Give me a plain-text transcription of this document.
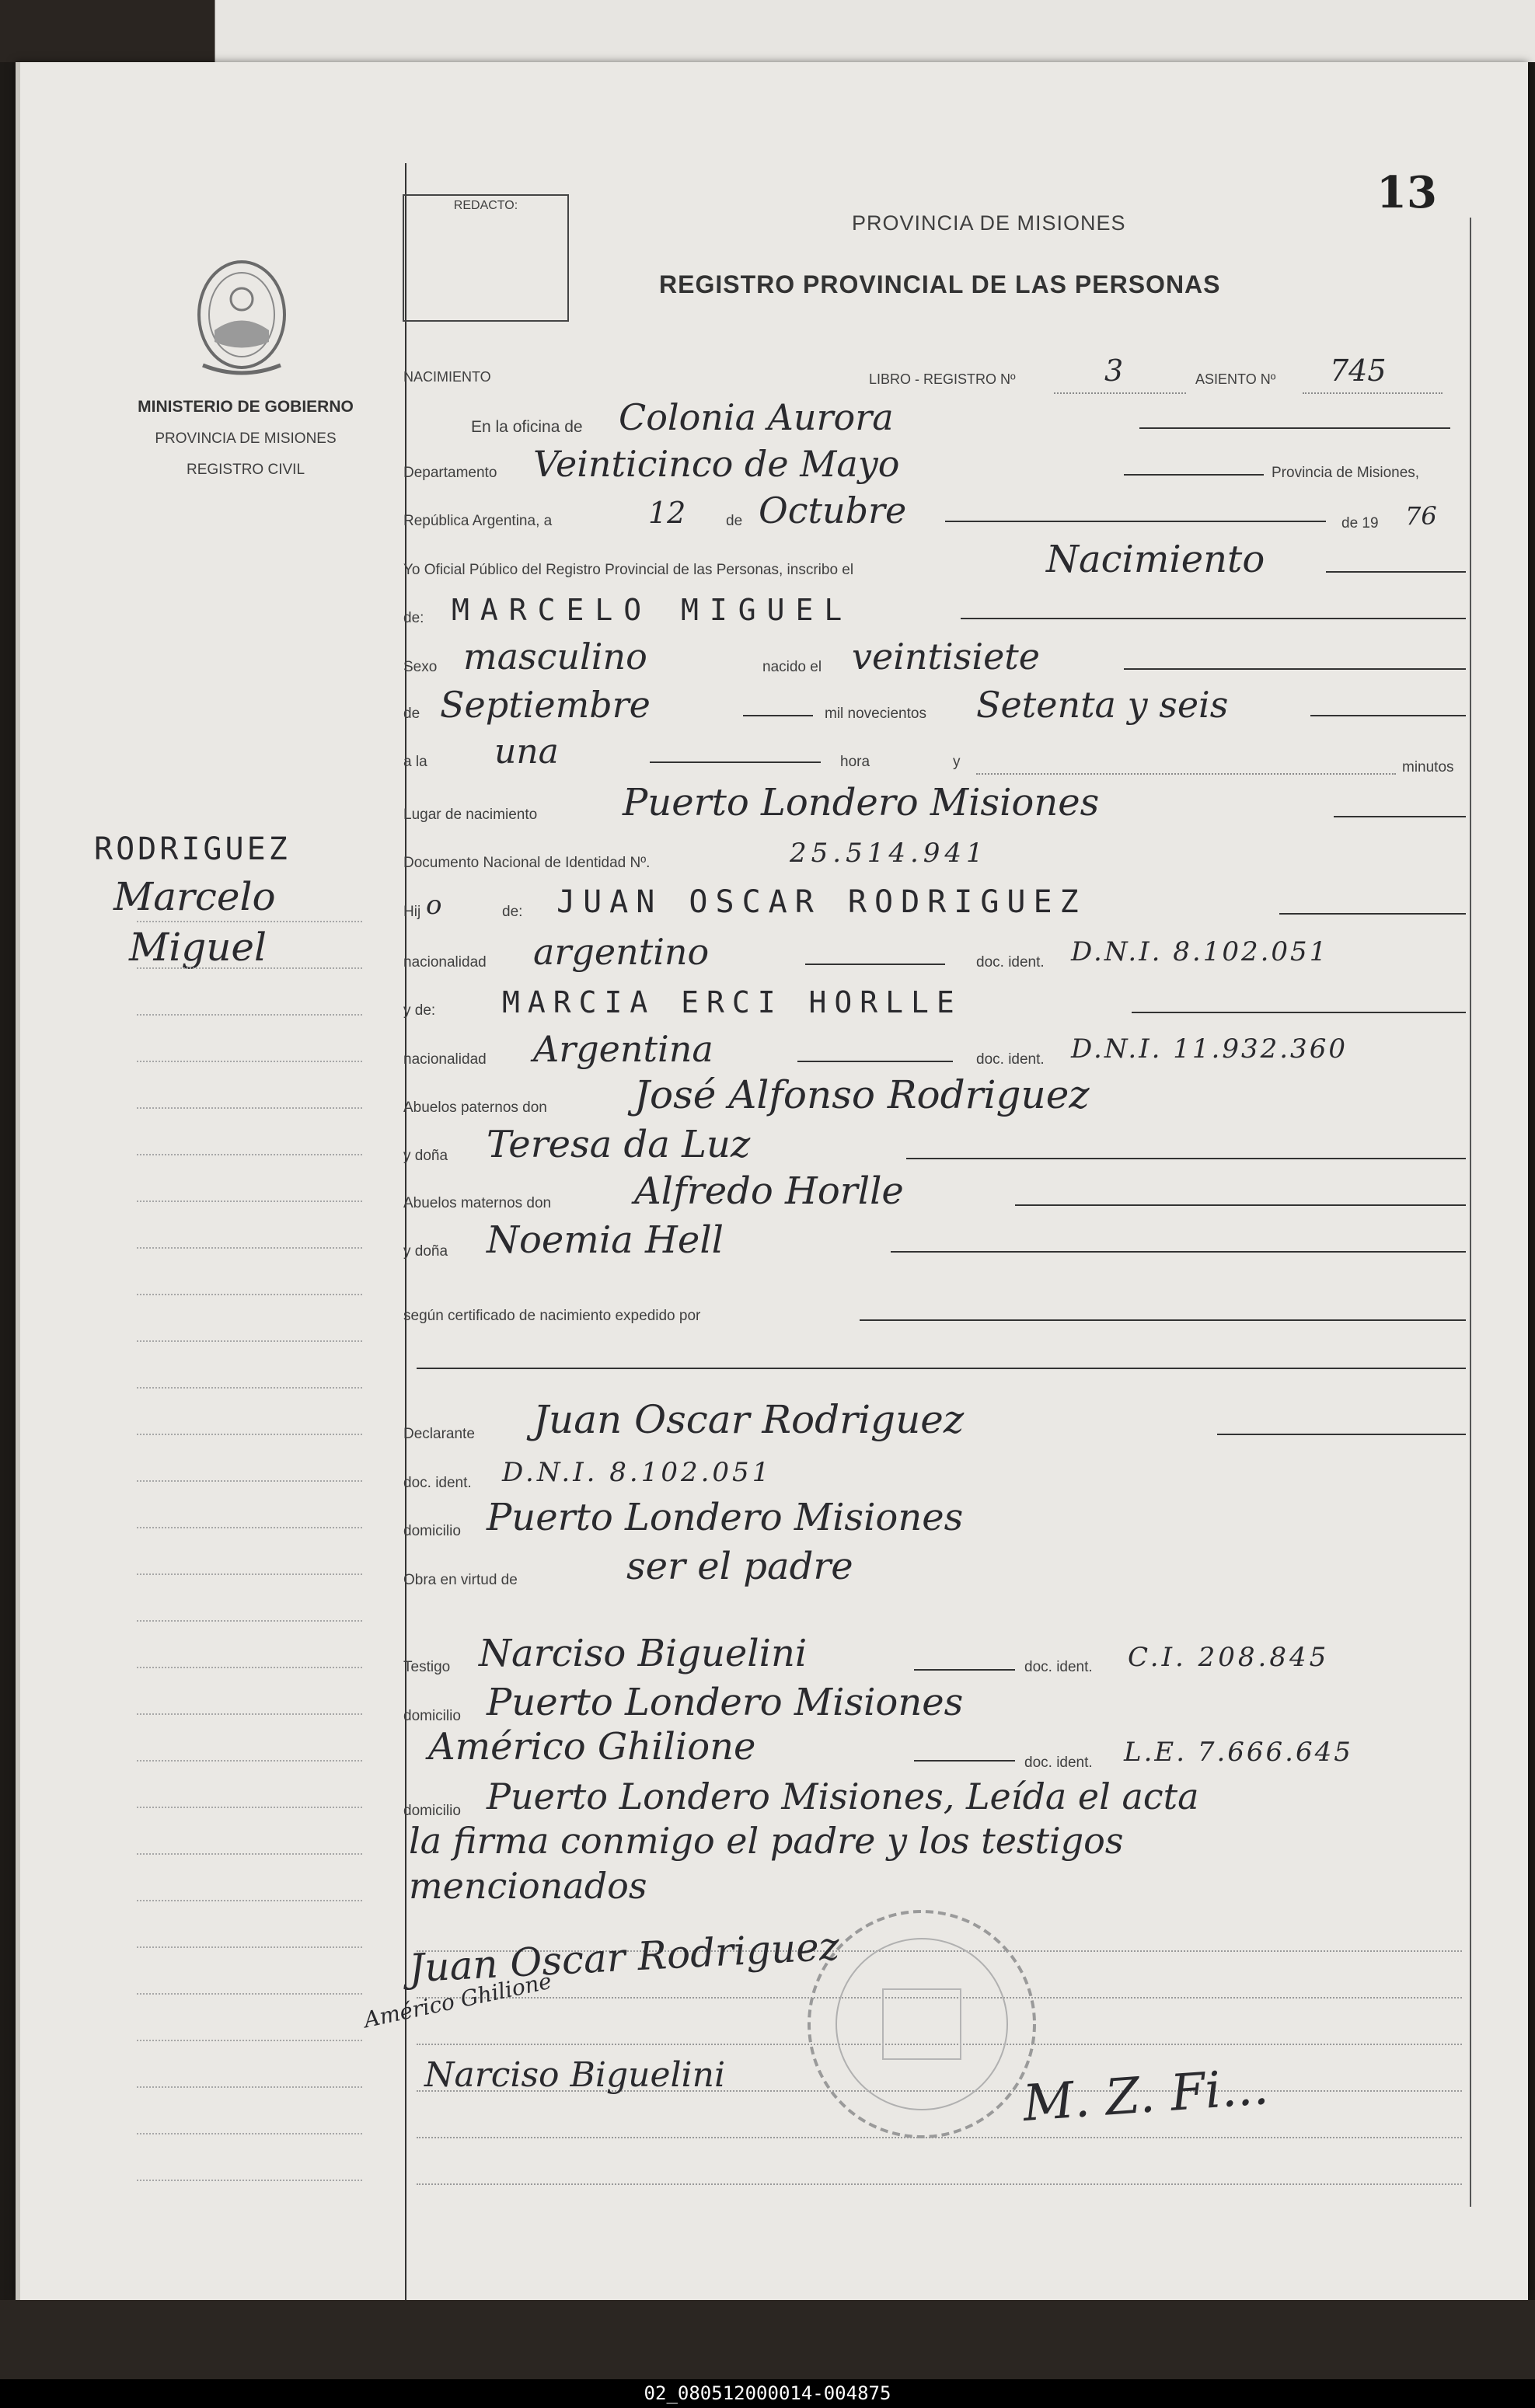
MINISTERIO DE GOBIERNO
PROVINCIA DE MISIONES
REGISTRO CIVIL
RODRIGUEZ
Marcelo
Miguel
REDACTO:	13
PROVINCIA DE MISIONES
REGISTRO PROVINCIAL DE LAS PERSONAS
NACIMIENTO	LIBRO - REGISTRO Nº	3	ASIENTO Nº 745
En la oficina de Colonia Aurora
Departamento Veinticinco de Mayo	Provincia de Misiones,
República Argentina, a	12	de Octubre	de 19 76
Yo Oficial Público del Registro Provincial de las Personas, inscribo el	Nacimiento
de: MARCELO MIGUEL
Sexo masculino	nacido el veintisiete
de Septiembre	mil novecientos Setenta y seis
a la una	hora	y	minutos
Lugar de nacimiento Puerto Londero Misiones
Documento Nacional de Identidad Nº.	25.514.941
Hij o	de: JUAN OSCAR RODRIGUEZ
nacionalidad argentino	doc. ident. D.N.I. 8.102.051
y de: MARCIA ERCI HORLLE
nacionalidad Argentina	doc. ident. D.N.I. 11.932.360
Abuelos paternos don José Alfonso Rodriguez
y doña Teresa da Luz
Abuelos maternos don Alfredo Horlle
y doña Noemia Hell
según certificado de nacimiento expedido por
Declarante Juan Oscar Rodriguez
doc. ident. D.N.I. 8.102.051
domicilio Puerto Londero Misiones
Obra en virtud de	ser el padre
Testigo Narciso Biguelini	doc. ident. C.I. 208.845
domicilio Puerto Londero Misiones
Américo Ghilione	doc. ident. L.E. 7.666.645
domicilio Puerto Londero Misiones, Leída el acta
la firma conmigo el padre y los testigos
mencionados
Juan Oscar Rodriguez
Américo Ghilione
Narciso Biguelini	M. Z. Fi...
02_080512000014-004875
